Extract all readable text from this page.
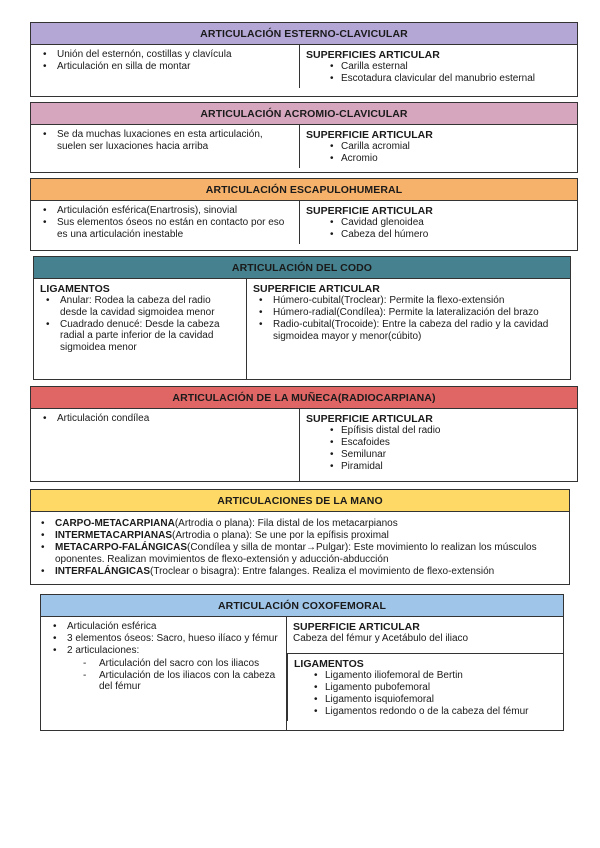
ARTICULACIÓN ESTERNO-CLAVICULAR
• Unión del esternón, costillas y clavícula
• Articulación en silla de montar
SUPERFICIES ARTICULAR
• Carilla esternal
• Escotadura clavicular del manubrio esternal
ARTICULACIÓN ACROMIO-CLAVICULAR
• Se da muchas luxaciones en esta articulación, suelen ser luxaciones hacia arriba
SUPERFICIE ARTICULAR
• Carilla acromial
• Acromio
ARTICULACIÓN ESCAPULOHUMERAL
• Articulación esférica(Enartrosis), sinovial
• Sus elementos óseos no están en contacto por eso es una articulación inestable
SUPERFICIE ARTICULAR
• Cavidad glenoidea
• Cabeza del húmero
ARTICULACIÓN DEL CODO
LIGAMENTOS
• Anular: Rodea la cabeza del radio desde la cavidad sigmoidea menor
• Cuadrado denucé: Desde la cabeza radial a parte inferior de la cavidad sigmoidea menor
SUPERFICIE ARTICULAR
• Húmero-cubital(Troclear): Permite la flexo-extensión
• Húmero-radial(Condílea): Permite la lateralización del brazo
• Radio-cubital(Trocoide): Entre la cabeza del radio y la cavidad sigmoidea mayor y menor(cúbito)
ARTICULACIÓN DE LA MUÑECA(RADIOCARPIANA)
• Articulación condílea	SUPERFICIE ARTICULAR
• Epífisis distal del radio
• Escafoides
• Semilunar
• Piramidal
ARTICULACIONES DE LA MANO
• CARPO-METACARPIANA(Artrodia o plana): Fila distal de los metacarpianos
• INTERMETACARPIANAS(Artrodia o plana): Se une por la epífisis proximal
• METACARPO-FALÁNGICAS(Condílea y silla de montar→Pulgar): Este movimiento lo realizan los músculos oponentes. Realizan movimientos de flexo-extensión y aducción-abducción
• INTERFALÁNGICAS(Troclear o bisagra): Entre falanges. Realiza el movimiento de flexo-extensión
ARTICULACIÓN COXOFEMORAL
• Articulación esférica
• 3 elementos óseos: Sacro, hueso ilíaco y fémur
• 2 articulaciones:
- Articulación del sacro con los iliacos
- Articulación de los iliacos con la cabeza del fémur
SUPERFICIE ARTICULAR
Cabeza del fémur y Acetábulo del iliaco
LIGAMENTOS
• Ligamento iliofemoral de Bertin
• Ligamento pubofemoral
• Ligamento isquiofemoral
• Ligamentos redondo o de la cabeza del fémur
